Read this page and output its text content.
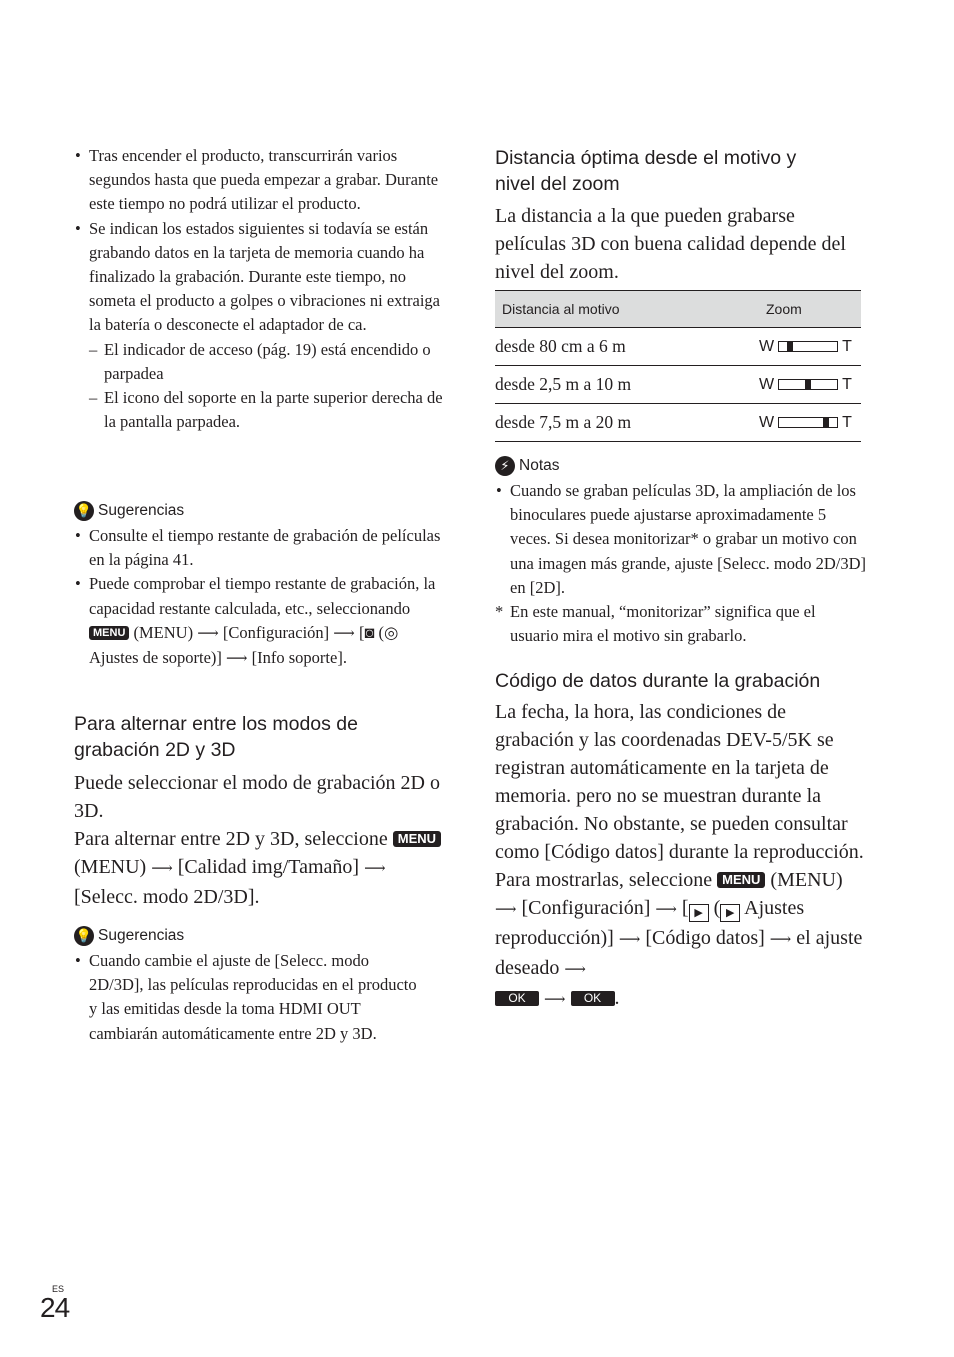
• Tras encender el producto, transcurrirán varios segundos hasta que pueda empezar a grabar. Durante este tiempo no podrá utilizar el producto.
• Se indican los estados siguientes si todavía se están grabando datos en la tarjeta de memoria cuando ha finalizado la grabación. Durante este tiempo, no someta el producto a golpes o vibraciones ni extraiga la batería o desconecte el adaptador de ca.
– El indicador de acceso (pág. 19) está encendido o parpadea
– El icono del soporte en la parte superior derecha de la pantalla parpadea.
💡 Sugerencias
• Consulte el tiempo restante de grabación de películas en la página 41.
• Puede comprobar el tiempo restante de grabación, la capacidad restante calculada, etc., seleccionando MENU (MENU) ⟶ [Configuración] ⟶ [◙ (◎ Ajustes de soporte)] ⟶ [Info soporte].
Para alternar entre los modos de grabación 2D y 3D
Puede seleccionar el modo de grabación 2D o 3D.
Para alternar entre 2D y 3D, seleccione MENU (MENU) ⟶ [Calidad img/Tamaño] ⟶ [Selecc. modo 2D/3D].
💡 Sugerencias
• Cuando cambie el ajuste de [Selecc. modo 2D/3D], las películas reproducidas en el producto y las emitidas desde la toma HDMI OUT cambiarán automáticamente entre 2D y 3D.
Distancia óptima desde el motivo y nivel del zoom
La distancia a la que pueden grabarse películas 3D con buena calidad depende del nivel del zoom.
Distancia al motivo	Zoom
desde 80 cm a 6 m	W T

desde 2,5 m a 10 m	W T

desde 7,5 m a 20 m	W T
⚡ Notas
• Cuando se graban películas 3D, la ampliación de los binoculares puede ajustarse aproximadamente 5 veces. Si desea monitorizar* o grabar un motivo con una imagen más grande, ajuste [Selecc. modo 2D/3D] en [2D].
* En este manual, “monitorizar” significa que el usuario mira el motivo sin grabarlo.
Código de datos durante la grabación
La fecha, la hora, las condiciones de grabación y las coordenadas DEV-5/5K se registran automáticamente en la tarjeta de memoria. pero no se muestran durante la grabación. No obstante, se pueden consultar como [Código datos] durante la reproducción. Para mostrarlas, seleccione MENU (MENU) ⟶ [Configuración] ⟶ [ ▶ ( ▶ Ajustes reproducción)] ⟶ [Código datos] ⟶ el ajuste deseado ⟶
OK ⟶ OK .
ES
24
